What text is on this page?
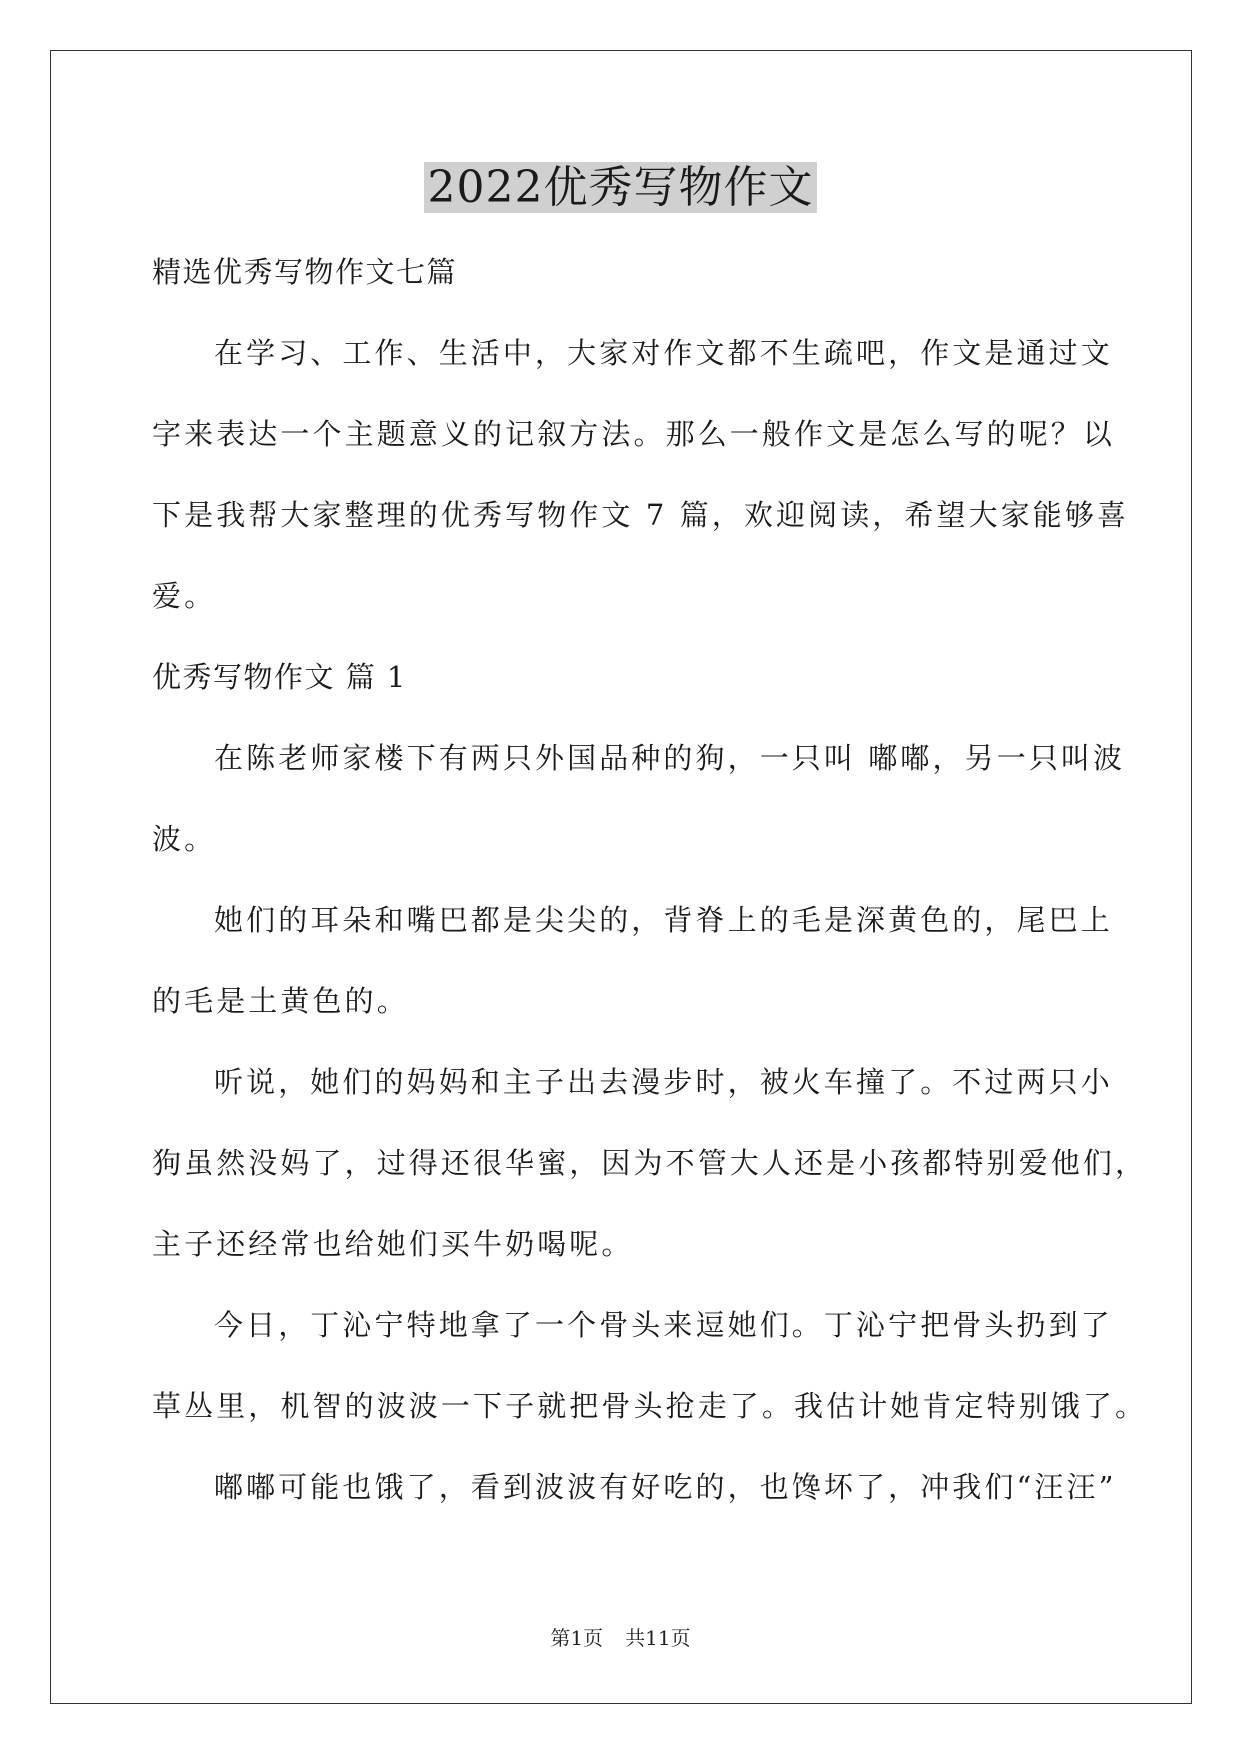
2022优秀写物作文
精选优秀写物作文七篇
在学习、工作、生活中，大家对作文都不生疏吧，作文是通过文
字来表达一个主题意义的记叙方法。那么一般作文是怎么写的呢？以
下是我帮大家整理的优秀写物作文 7 篇，欢迎阅读，希望大家能够喜
爱。
优秀写物作文 篇 1
在陈老师家楼下有两只外国品种的狗，一只叫 嘟嘟，另一只叫波
波。
她们的耳朵和嘴巴都是尖尖的，背脊上的毛是深黄色的，尾巴上
的毛是土黄色的。
听说，她们的妈妈和主子出去漫步时，被火车撞了。不过两只小
狗虽然没妈了，过得还很华蜜，因为不管大人还是小孩都特别爱他们，
主子还经常也给她们买牛奶喝呢。
今日，丁沁宁特地拿了一个骨头来逗她们。丁沁宁把骨头扔到了
草丛里，机智的波波一下子就把骨头抢走了。我估计她肯定特别饿了。
嘟嘟可能也饿了，看到波波有好吃的，也馋坏了，冲我们“汪汪”
第1页 共11页
